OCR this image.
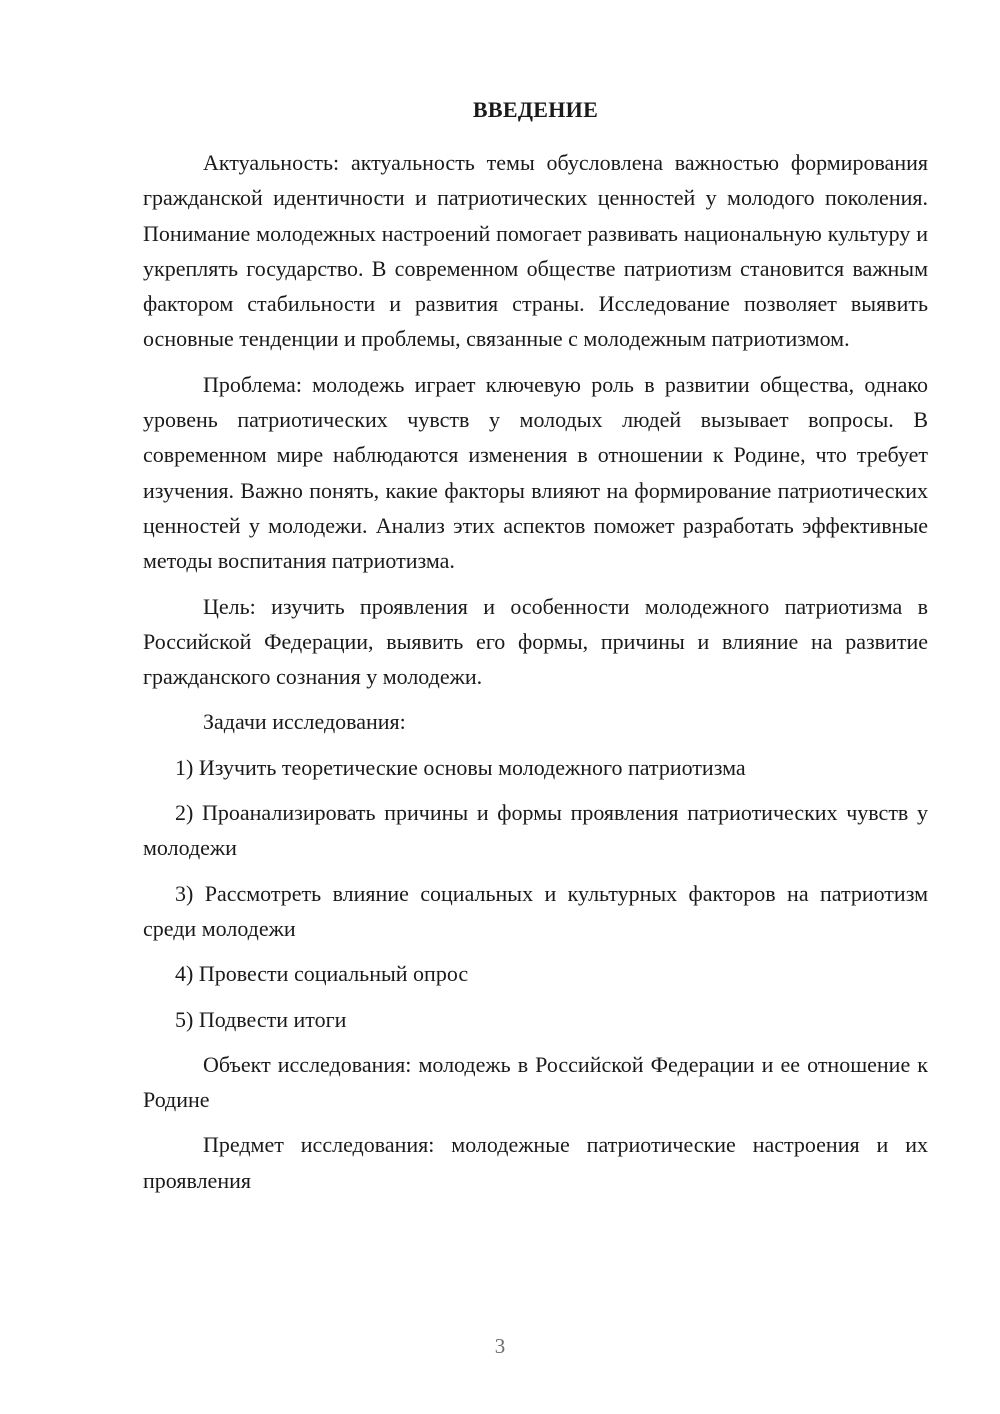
ВВЕДЕНИЕ

Актуальность: актуальность темы обусловлена важностью формирования гражданской идентичности и патриотических ценностей у молодого поколения. Понимание молодежных настроений помогает развивать национальную культуру и укреплять государство. В современном обществе патриотизм становится важным фактором стабильности и развития страны. Исследование позволяет выявить основные тенденции и проблемы, связанные с молодежным патриотизмом.

Проблема: молодежь играет ключевую роль в развитии общества, однако уровень патриотических чувств у молодых людей вызывает вопросы. В современном мире наблюдаются изменения в отношении к Родине, что требует изучения. Важно понять, какие факторы влияют на формирование патриотических ценностей у молодежи. Анализ этих аспектов поможет разработать эффективные методы воспитания патриотизма.

Цель: изучить проявления и особенности молодежного патриотизма в Российской Федерации, выявить его формы, причины и влияние на развитие гражданского сознания у молодежи.

Задачи исследования:

1) Изучить теоретические основы молодежного патриотизма

2) Проанализировать причины и формы проявления патриотических чувств у молодежи

3) Рассмотреть влияние социальных и культурных факторов на патриотизм среди молодежи

4) Провести социальный опрос

5) Подвести итоги

Объект исследования: молодежь в Российской Федерации и ее отношение к Родине

Предмет исследования: молодежные патриотические настроения и их проявления

3
